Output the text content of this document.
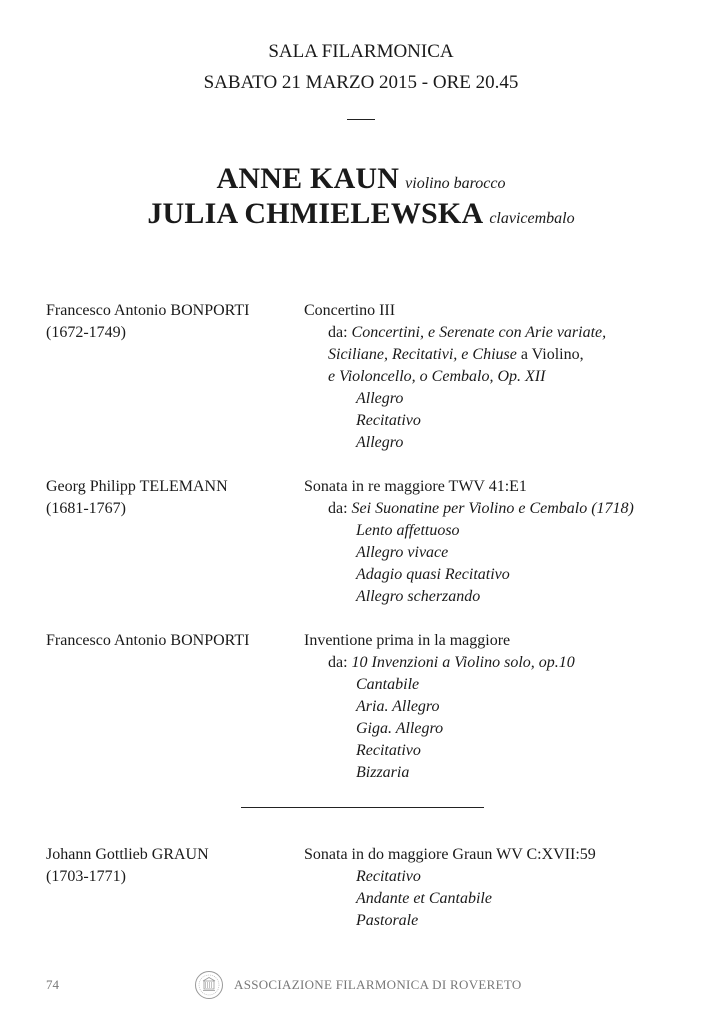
SALA FILARMONICA
SABATO 21 MARZO 2015 - ORE 20.45
ANNE KAUN violino barocco
JULIA CHMIELEWSKA clavicembalo
Francesco Antonio BONPORTI
(1672-1749)
Concertino III
da: Concertini, e Serenate con Arie variate,
Siciliane, Recitativi, e Chiuse a Violino,
e Violoncello, o Cembalo, Op. XII
Allegro
Recitativo
Allegro
Georg Philipp TELEMANN
(1681-1767)
Sonata in re maggiore TWV 41:E1
da: Sei Suonatine per Violino e Cembalo (1718)
Lento affettuoso
Allegro vivace
Adagio quasi Recitativo
Allegro scherzando
Francesco Antonio BONPORTI	Inventione prima in la maggiore
da: 10 Invenzioni a Violino solo, op.10
Cantabile
Aria. Allegro
Giga. Allegro
Recitativo
Bizzaria
Johann Gottlieb GRAUN
(1703-1771)
Sonata in do maggiore Graun WV C:XVII:59
Recitativo
Andante et Cantabile
Pastorale
74	ASSOCIAZIONE FILARMONICA DI ROVERETO
